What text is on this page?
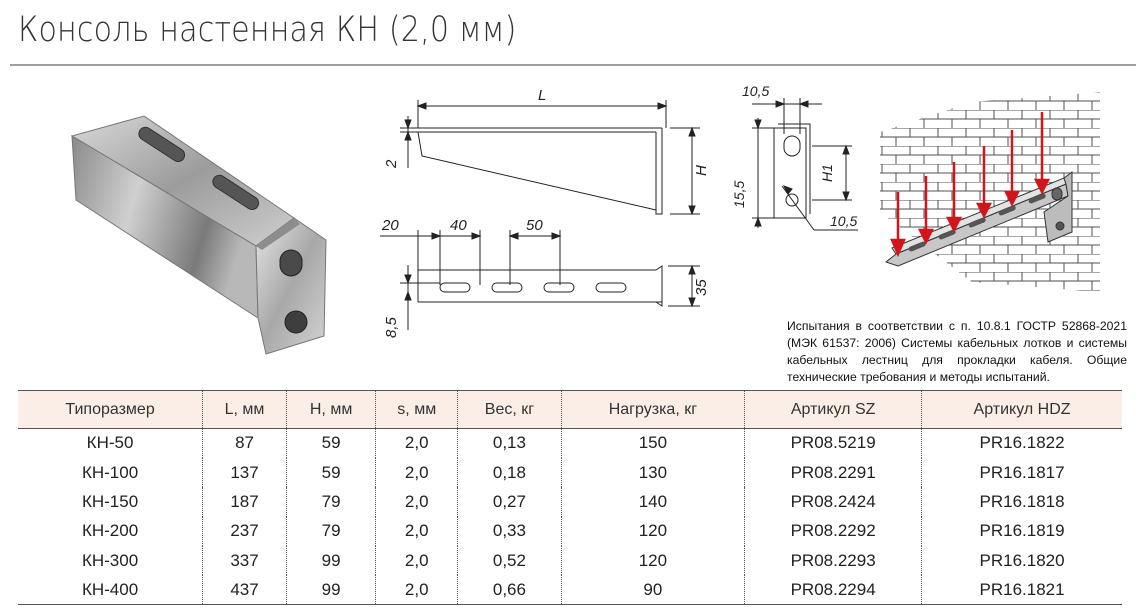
Консоль настенная КН (2,0 мм)
L
2
H
20	40	50
35
8,5
10,5
H1
15,5
10,5
Испытания в соответствии с п. 10.8.1 ГОСТР 52868-2021 (МЭК 61537: 2006) Системы кабельных лотков и системы кабельных лестниц для прокладки кабеля. Общие технические требования и методы испытаний.
Типоразмер	L, мм	H, мм	s, мм	Вес, кг	Нагрузка, кг	Артикул SZ	Артикул HDZ
КН-50	87	59	2,0	0,13	150	PR08.5219	PR16.1822
КН-100	137	59	2,0	0,18	130	PR08.2291	PR16.1817
КН-150	187	79	2,0	0,27	140	PR08.2424	PR16.1818
КН-200	237	79	2,0	0,33	120	PR08.2292	PR16.1819
КН-300	337	99	2,0	0,52	120	PR08.2293	PR16.1820
КН-400	437	99	2,0	0,66	90	PR08.2294	PR16.1821
